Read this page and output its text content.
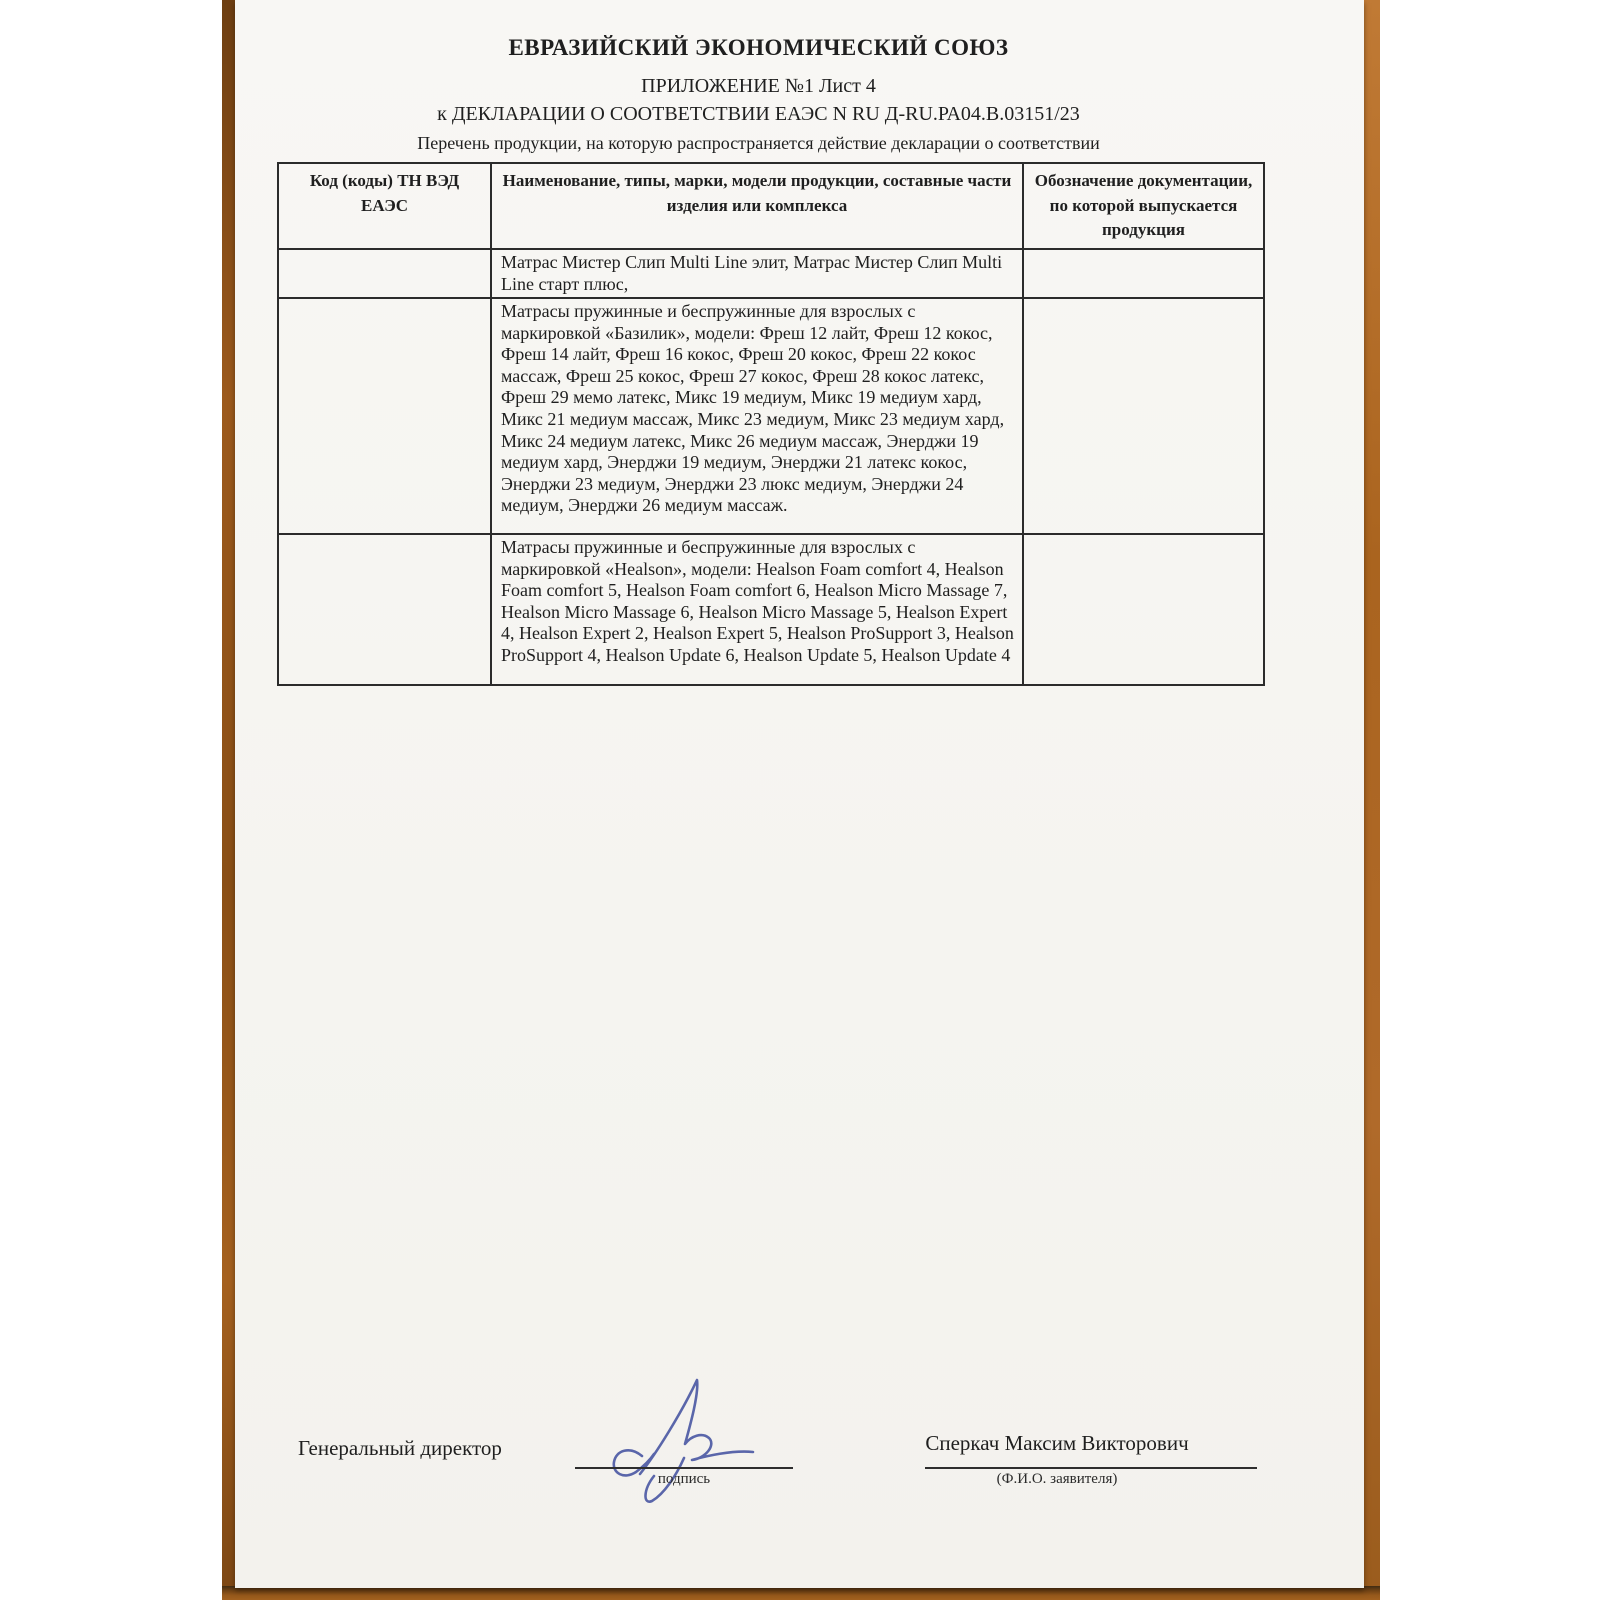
ЕВРАЗИЙСКИЙ ЭКОНОМИЧЕСКИЙ СОЮЗ
ПРИЛОЖЕНИЕ №1 Лист 4
к ДЕКЛАРАЦИИ О СООТВЕТСТВИИ ЕАЭС N RU Д-RU.РА04.В.03151/23
Перечень продукции, на которую распространяется действие декларации о соответствии
Код (коды) ТН ВЭД ЕАЭС	Наименование, типы, марки, модели продукции, составные части изделия или комплекса	Обозначение документации, по которой выпускается продукция
	Матрас Мистер Слип Multi Line элит, Матрас Мистер Слип Multi Line старт плюс,	
	Матрасы пружинные и беспружинные для взрослых с маркировкой «Базилик», модели: Фреш 12 лайт, Фреш 12 кокос, Фреш 14 лайт, Фреш 16 кокос, Фреш 20 кокос, Фреш 22 кокос массаж, Фреш 25 кокос, Фреш 27 кокос, Фреш 28 кокос латекс, Фреш 29 мемо латекс, Микс 19 медиум, Микс 19 медиум хард, Микс 21 медиум массаж, Микс 23 медиум, Микс 23 медиум хард, Микс 24 медиум латекс, Микс 26 медиум массаж, Энерджи 19 медиум хард, Энерджи 19 медиум, Энерджи 21 латекс кокос, Энерджи 23 медиум, Энерджи 23 люкс медиум, Энерджи 24 медиум, Энерджи 26 медиум массаж.	
	Матрасы пружинные и беспружинные для взрослых с маркировкой «Healson», модели: Healson Foam comfort 4, Healson Foam comfort 5, Healson Foam comfort 6, Healson Micro Massage 7, Healson Micro Massage 6, Healson Micro Massage 5, Healson Expert 4, Healson Expert 2, Healson Expert 5, Healson ProSupport 3, Healson ProSupport 4, Healson Update 6, Healson Update 5, Healson Update 4	
Генеральный директор
подпись
Сперкач Максим Викторович
(Ф.И.О. заявителя)
